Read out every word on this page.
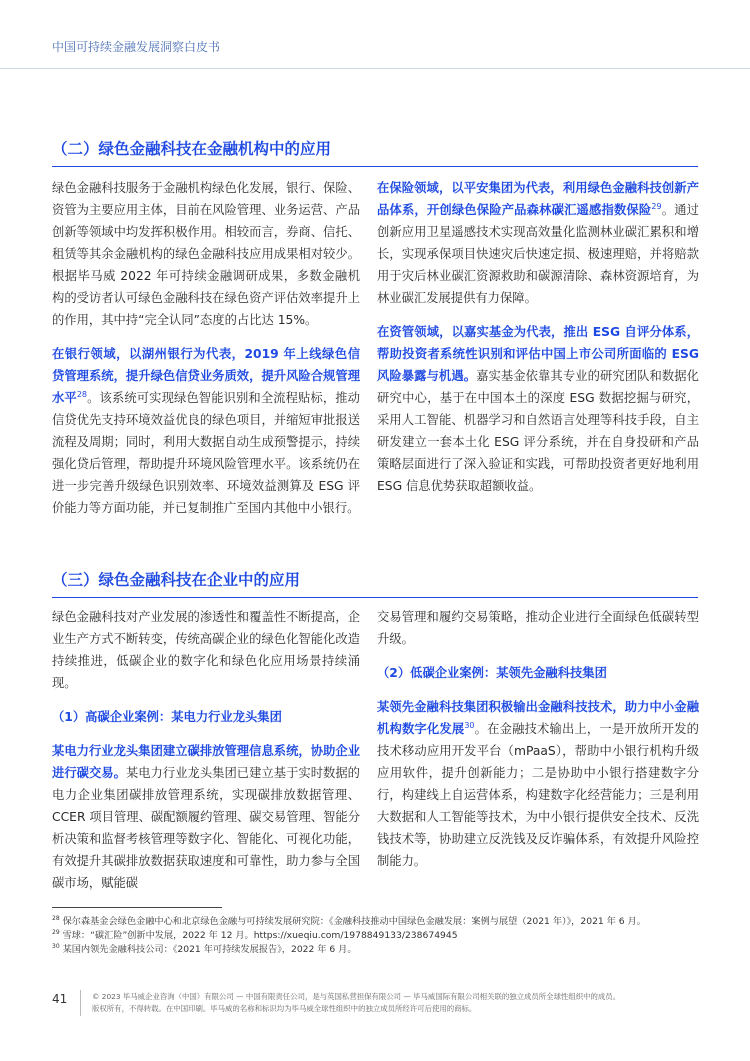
中国可持续金融发展洞察白皮书
（二）绿色金融科技在金融机构中的应用

绿色金融科技服务于金融机构绿色化发展，银行、保险、资管为主要应用主体，目前在风险管理、业务运营、产品创新等领域中均发挥积极作用。相较而言，券商、信托、租赁等其余金融机构的绿色金融科技应用成果相对较少。根据毕马威 2022 年可持续金融调研成果，多数金融机构的受访者认可绿色金融科技在绿色资产评估效率提升上的作用，其中持“完全认同”态度的占比达 15%。

在银行领域，以湖州银行为代表，2019 年上线绿色信贷管理系统，提升绿色信贷业务质效，提升风险合规管理水平$^{28}$。该系统可实现绿色智能识别和全流程贴标，推动信贷优先支持环境效益优良的绿色项目，并缩短审批报送流程及周期；同时，利用大数据自动生成预警提示，持续强化贷后管理，帮助提升环境风险管理水平。该系统仍在进一步完善升级绿色识别效率、环境效益测算及 ESG 评价能力等方面功能，并已复制推广至国内其他中小银行。

在保险领域，以平安集团为代表，利用绿色金融科技创新产品体系，开创绿色保险产品森林碳汇遥感指数保险$^{29}$。通过创新应用卫星遥感技术实现高效量化监测林业碳汇累积和增长，实现承保项目快速灾后快速定损、极速理赔，并将赔款用于灾后林业碳汇资源救助和碳源清除、森林资源培育，为林业碳汇发展提供有力保障。

在资管领域，以嘉实基金为代表，推出 ESG 自评分体系，帮助投资者系统性识别和评估中国上市公司所面临的 ESG 风险暴露与机遇。嘉实基金依靠其专业的研究团队和数据化研究中心，基于在中国本土的深度 ESG 数据挖掘与研究，采用人工智能、机器学习和自然语言处理等科技手段，自主研发建立一套本土化 ESG 评分系统，并在自身投研和产品策略层面进行了深入验证和实践，可帮助投资者更好地利用 ESG 信息优势获取超额收益。

（三）绿色金融科技在企业中的应用

绿色金融科技对产业发展的渗透性和覆盖性不断提高，企业生产方式不断转变，传统高碳企业的绿色化智能化改造持续推进，低碳企业的数字化和绿色化应用场景持续涌现。

（1）高碳企业案例：某电力行业龙头集团

某电力行业龙头集团建立碳排放管理信息系统，协助企业进行碳交易。某电力行业龙头集团已建立基于实时数据的电力企业集团碳排放管理系统，实现碳排放数据管理、CCER 项目管理、碳配额履约管理、碳交易管理、智能分析决策和监督考核管理等数字化、智能化、可视化功能，有效提升其碳排放数据获取速度和可靠性，助力参与全国碳市场，赋能碳

交易管理和履约交易策略，推动企业进行全面绿色低碳转型升级。

（2）低碳企业案例：某领先金融科技集团

某领先金融科技集团积极输出金融科技技术，助力中小金融机构数字化发展$^{30}$。在金融技术输出上，一是开放所开发的技术移动应用开发平台（mPaaS），帮助中小银行机构升级应用软件，提升创新能力；二是协助中小银行搭建数字分行，构建线上自运营体系，构建数字化经营能力；三是利用大数据和人工智能等技术，为中小银行提供安全技术、反洗钱技术等，协助建立反洗钱及反诈骗体系，有效提升风险控制能力。

$^{28}$ 保尔森基金会绿色金融中心和北京绿色金融与可持续发展研究院：《金融科技推动中国绿色金融发展：案例与展望（2021 年）》，2021 年 6 月。
$^{29}$ 雪球：“碳汇险”创新中发展，2022 年 12 月。https://xueqiu.com/1978849133/238674945
$^{30}$ 某国内领先金融科技公司：《2021 年可持续发展报告》，2022 年 6 月。
41	© 2023 毕马威企业咨询（中国）有限公司 — 中国有限责任公司，是与英国私营担保有限公司 — 毕马威国际有限公司相关联的独立成员所全球性组织中的成员。
版权所有，不得转载。在中国印刷。毕马威的名称和标识均为毕马威全球性组织中的独立成员所经许可后使用的商标。
